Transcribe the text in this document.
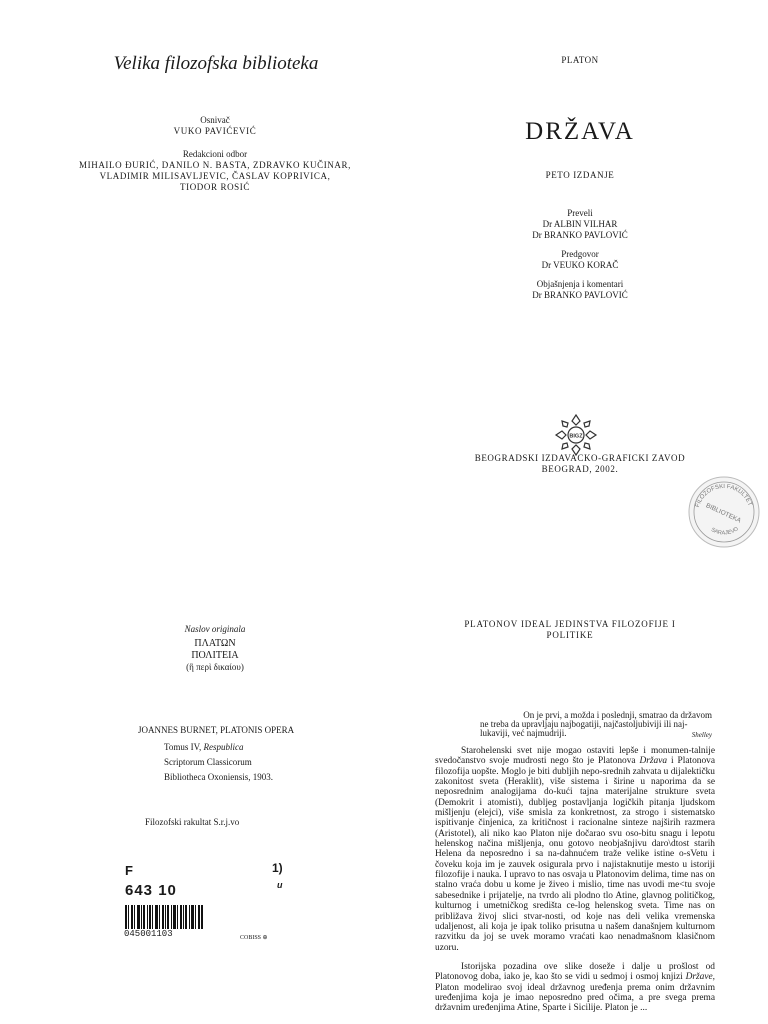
Velika filozofska biblioteka
Osnivač
VUKO PAVIĆEVIĆ
Redakcioni odbor
MIHAILO ĐURIĆ, DANILO N. BASTA, ZDRAVKO KUČINAR,
VLADIMIR MILISAVLJEVIC, ČASLAV KOPRIVICA,
TIODOR ROSIĆ
Naslov originala
ΠΛΑΤΩΝ
ΠΟΛΙΤΕΙΑ
(ἢ περὶ δικαίου)
JOANNES BURNET, PLATONIS OPERA
Tomus IV, Respublica
Scriptorum Classicorum
Bibliotheca Oxoniensis, 1903.
Filozofski rakultat S.r.j.vo
F	1)
u
643 10
045001103	COBISS ⊕
PLATON
DRŽAVA
PETO IZDANJE
Preveli
Dr ALBIN VILHAR
Dr BRANKO PAVLOVIĆ
Predgovor
Dr VEUKO KORAČ
Objašnjenja i komentari
Dr BRANKO PAVLOVIĆ
BIGZ
BEOGRADSKI IZDAVACKO-GRAFICKI ZAVOD
BEOGRAD, 2002.
FILOZOFSKI FAKULTET
BIBLIOTEKA
SARAJEVO
PLATONOV IDEAL JEDINSTVA FILOZOFIJE I
POLITIKE
On je prvi, a možda i poslednji, smatrao da državom
ne treba da upravljaju najbogatiji, najčastoljubiviji ili naj-
lukaviji, već najmudriji.	Shelley

Starohelenski svet nije mogao ostaviti lepše i monumen-talnije svedočanstvo svoje mudrosti nego što je Platonova Država i Platonova filozofija uopšte. Moglo je biti dubljih nepo-srednih zahvata u dijalektičku zakonitost sveta (Heraklit), više sistema i širine u naporima da se neposrednim analogijama do-kući tajna materijalne strukture sveta (Demokrit i atomisti), dubljeg postavljanja logičkih pitanja ljudskom mišljenju (elejci), više smisla za konkretnost, za strogo i sistematsko ispitivanje činjenica, za kritičnost i racionalne sinteze najširih razmera (Aristotel), ali niko kao Platon nije dočarao svu oso-bitu snagu i lepotu helenskog načina mišljenja, onu gotovo neobjašnjivu daro\dtost starih Helena da neposredno i sa na-dahnućem traže velike istine o-sVetu i čoveku koja im je zauvek osigurala prvo i najistaknutije mesto u istoriji filozofije i nauka. I upravo to nas osvaja u Platonovim delima, time nas on stalno vraća dobu u kome je živeo i mislio, time nas uvodi me<tu svoje sabesednike i prijatelje, na tvrdo ali plodno tlo Atine, glavnog političkog, kulturnog i umetničkog središta ce-log helenskog sveta. Time nas on približava živoj slici stvar-nosti, od koje nas deli velika vremenska udaljenost, ali koja je ipak toliko prisutna u našem današnjem kulturnom razvitku da joj se uvek moramo vraćati kao nenadmašnom klasičnom uzoru.

Istorijska pozadina ove slike doseže i dalje u prošlost od Platonovog doba, iako je, kao što se vidi u sedmoj i osmoj knjizi Države, Platon modelirao svoj ideal državnog uređenja prema onim državnim uređenjima koja je imao neposredno pred očima, a pre svega prema državnim uređenjima Atine, Sparte i Sicilije. Platon je ...
